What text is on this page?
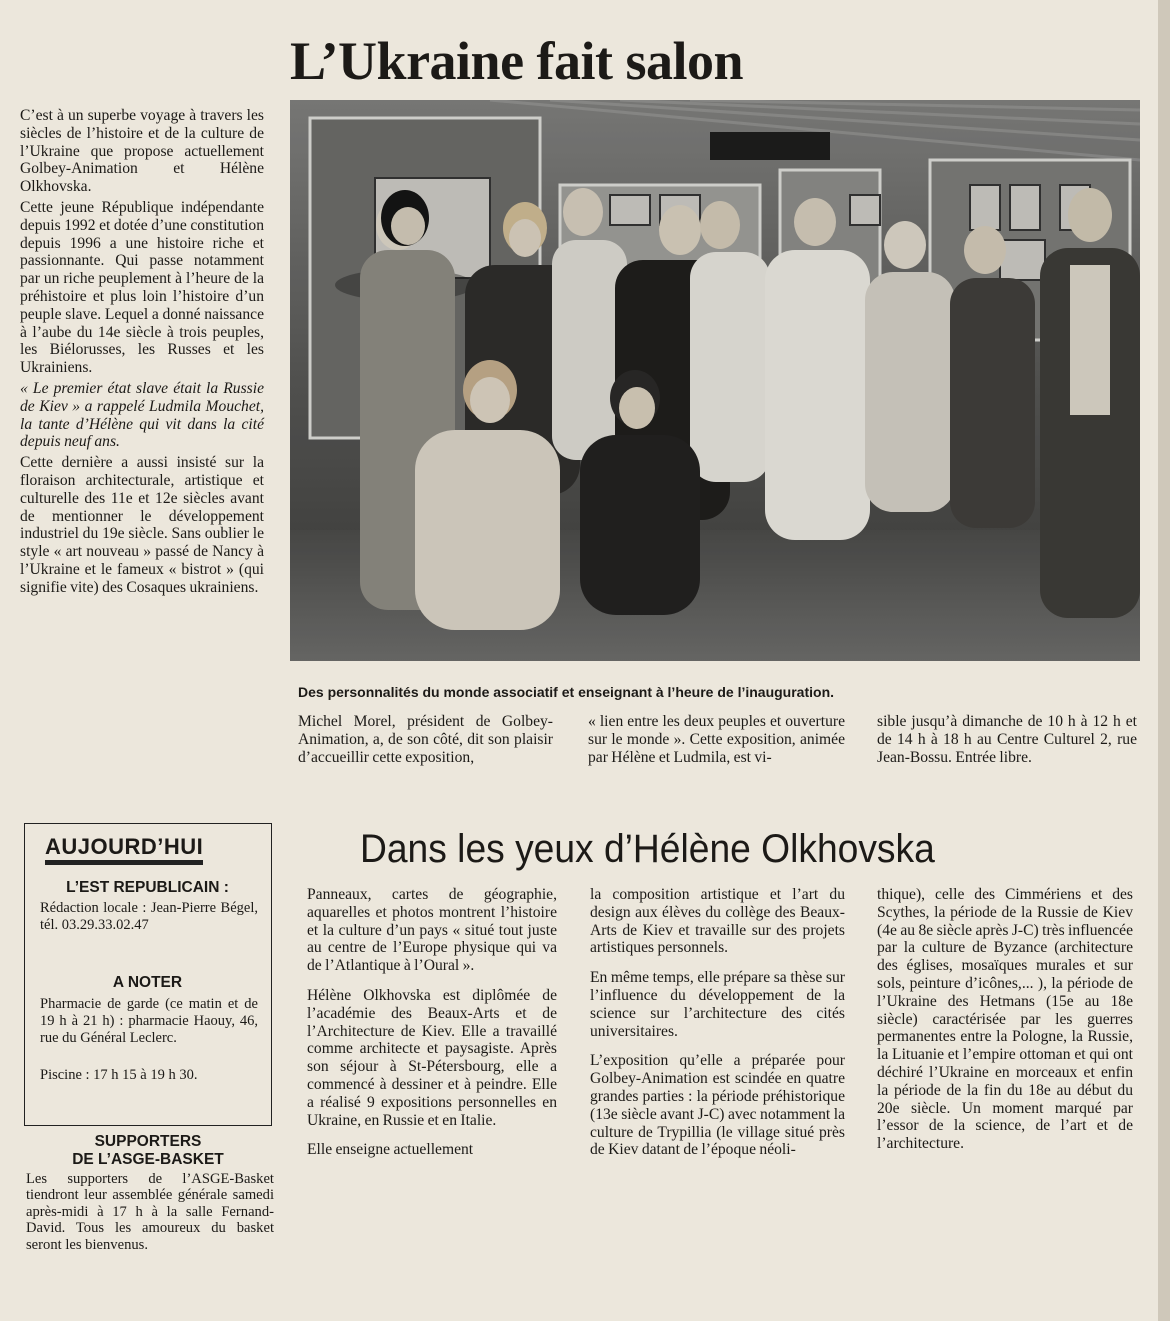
L’Ukraine fait salon

C’est à un superbe voyage à travers les siècles de l’histoire et de la culture de l’Ukraine que propose actuellement Golbey-Animation et Hélène Olkhovska.

Cette jeune République indépendante depuis 1992 et dotée d’une constitution depuis 1996 a une histoire riche et passionnante. Qui passe notamment par un riche peuplement à l’heure de la préhistoire et plus loin l’histoire d’un peuple slave. Lequel a donné naissance à l’aube du 14e siècle à trois peuples, les Biélorusses, les Russes et les Ukrainiens.

« Le premier état slave était la Russie de Kiev » a rappelé Ludmila Mouchet, la tante d’Hélène qui vit dans la cité depuis neuf ans.

Cette dernière a aussi insisté sur la floraison architecturale, artistique et culturelle des 11e et 12e siècles avant de mentionner le développement industriel du 19e siècle. Sans oublier le style « art nouveau » passé de Nancy à l’Ukraine et le fameux « bistrot » (qui signifie vite) des Cosaques ukrainiens.

Des personnalités du monde associatif et enseignant à l’heure de l’inauguration.
Michel Morel, président de Golbey-Animation, a, de son côté, dit son plaisir d’accueillir cette exposition,
« lien entre les deux peuples et ouverture sur le monde ». Cette exposition, animée par Hélène et Ludmila, est vi-
sible jusqu’à dimanche de 10 h à 12 h et de 14 h à 18 h au Centre Culturel 2, rue Jean-Bossu. Entrée libre.
AUJOURD’HUI
L’EST REPUBLICAIN :
Rédaction locale : Jean-Pierre Bégel, tél. 03.29.33.02.47
A NOTER
Pharmacie de garde (ce matin et de 19 h à 21 h) : pharmacie Haouy, 46, rue du Général Leclerc.
Piscine : 17 h 15 à 19 h 30.
SUPPORTERS
DE L’ASGE-BASKET
Les supporters de l’ASGE-Basket tiendront leur assemblée générale samedi après-midi à 17 h à la salle Fernand-David. Tous les amoureux du basket seront les bienvenus.
Dans les yeux d’Hélène Olkhovska

Panneaux, cartes de géographie, aquarelles et photos montrent l’histoire et la culture d’un pays « situé tout juste au centre de l’Europe physique qui va de l’Atlantique à l’Oural ».

Hélène Olkhovska est diplômée de l’académie des Beaux-Arts et de l’Architecture de Kiev. Elle a travaillé comme architecte et paysagiste. Après son séjour à St-Pétersbourg, elle a commencé à dessiner et à peindre. Elle a réalisé 9 expositions personnelles en Ukraine, en Russie et en Italie.

Elle enseigne actuellement

la composition artistique et l’art du design aux élèves du collège des Beaux-Arts de Kiev et travaille sur des projets artistiques personnels.

En même temps, elle prépare sa thèse sur l’influence du développement de la science sur l’architecture des cités universitaires.

L’exposition qu’elle a préparée pour Golbey-Animation est scindée en quatre grandes parties : la période préhistorique (13e siècle avant J-C) avec notamment la culture de Trypillia (le village situé près de Kiev datant de l’époque néoli-

thique), celle des Cimmériens et des Scythes, la période de la Russie de Kiev (4e au 8e siècle après J-C) très influencée par la culture de Byzance (architecture des églises, mosaïques murales et sur sols, peinture d’icônes,... ), la période de l’Ukraine des Hetmans (15e au 18e siècle) caractérisée par les guerres permanentes entre la Pologne, la Russie, la Lituanie et l’empire ottoman et qui ont déchiré l’Ukraine en morceaux et enfin la période de la fin du 18e au début du 20e siècle. Un moment marqué par l’essor de la science, de l’art et de l’architecture.
